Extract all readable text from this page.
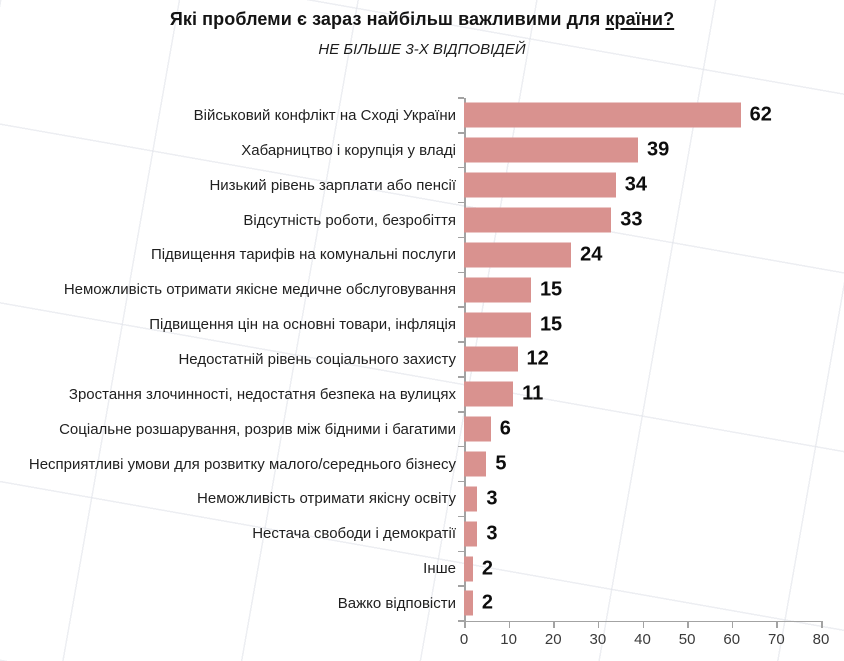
Які проблеми є зараз найбільш важливими для країни?
НЕ БІЛЬШЕ 3-Х ВІДПОВІДЕЙ
Військовий конфлікт на Сході України	62
Хабарництво і корупція у владі	39
Низький рівень зарплати або пенсії	34
Відсутність роботи, безробіття	33
Підвищення тарифів на комунальні послуги	24
Неможливість отримати якісне медичне обслуговування	15
Підвищення цін на основні товари, інфляція	15
Недостатній рівень соціального захисту	12
Зростання злочинності, недостатня безпека на вулицях	11
Соціальне розшарування, розрив між бідними і багатими 6
Несприятливі умови для розвитку малого/середнього бізнесу 5
Неможливість отримати якісну освіту 3
Нестача свободи і демократії 3
Інше 2
Важко відповісти 2
0 10 20 30 40 50 60 70 80
